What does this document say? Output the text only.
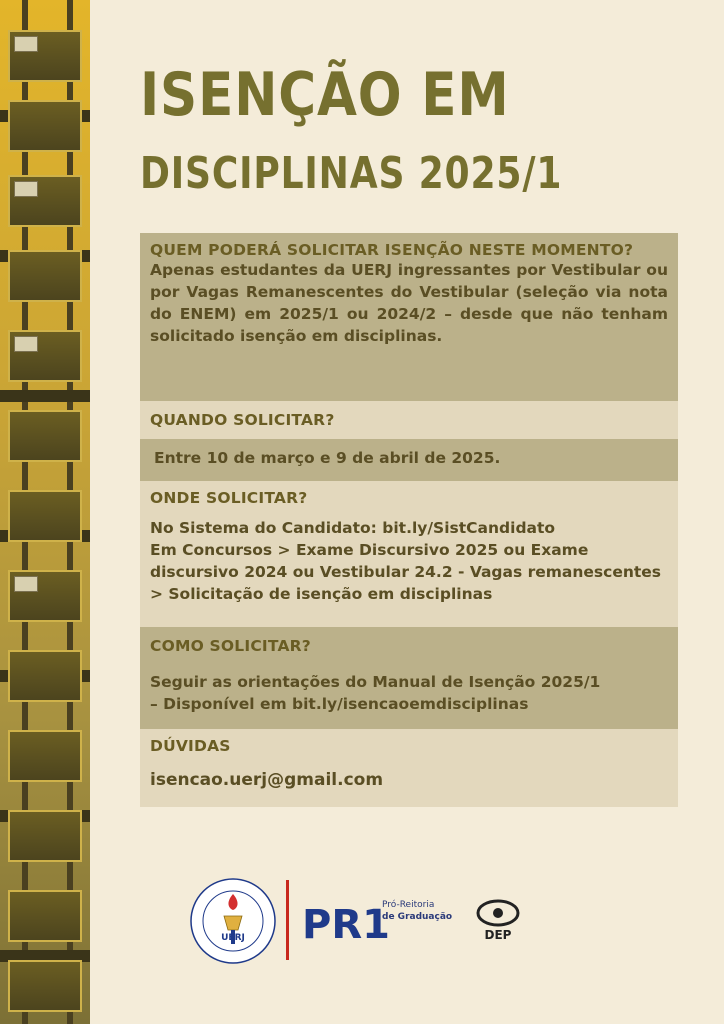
ISENÇÃO EM
DISCIPLINAS 2025/1
QUEM PODERÁ SOLICITAR ISENÇÃO NESTE MOMENTO?
Apenas estudantes da UERJ ingressantes por Vestibular ou por Vagas Remanescentes do Vestibular (seleção via nota do ENEM) em 2025/1 ou 2024/2 – desde que não tenham solicitado isenção em disciplinas.
QUANDO SOLICITAR?
Entre 10 de março e 9 de abril de 2025.
ONDE SOLICITAR?
No Sistema do Candidato: bit.ly/SistCandidato
Em Concursos > Exame Discursivo 2025 ou Exame
discursivo 2024 ou Vestibular 24.2 - Vagas remanescentes
> Solicitação de isenção em disciplinas
COMO SOLICITAR?
Seguir as orientações do Manual de Isenção 2025/1
– Disponível em bit.ly/isencaoemdisciplinas
DÚVIDAS
isencao.uerj@gmail.com
UERJ PR1
Pró-Reitoria
de Graduação
DEP
